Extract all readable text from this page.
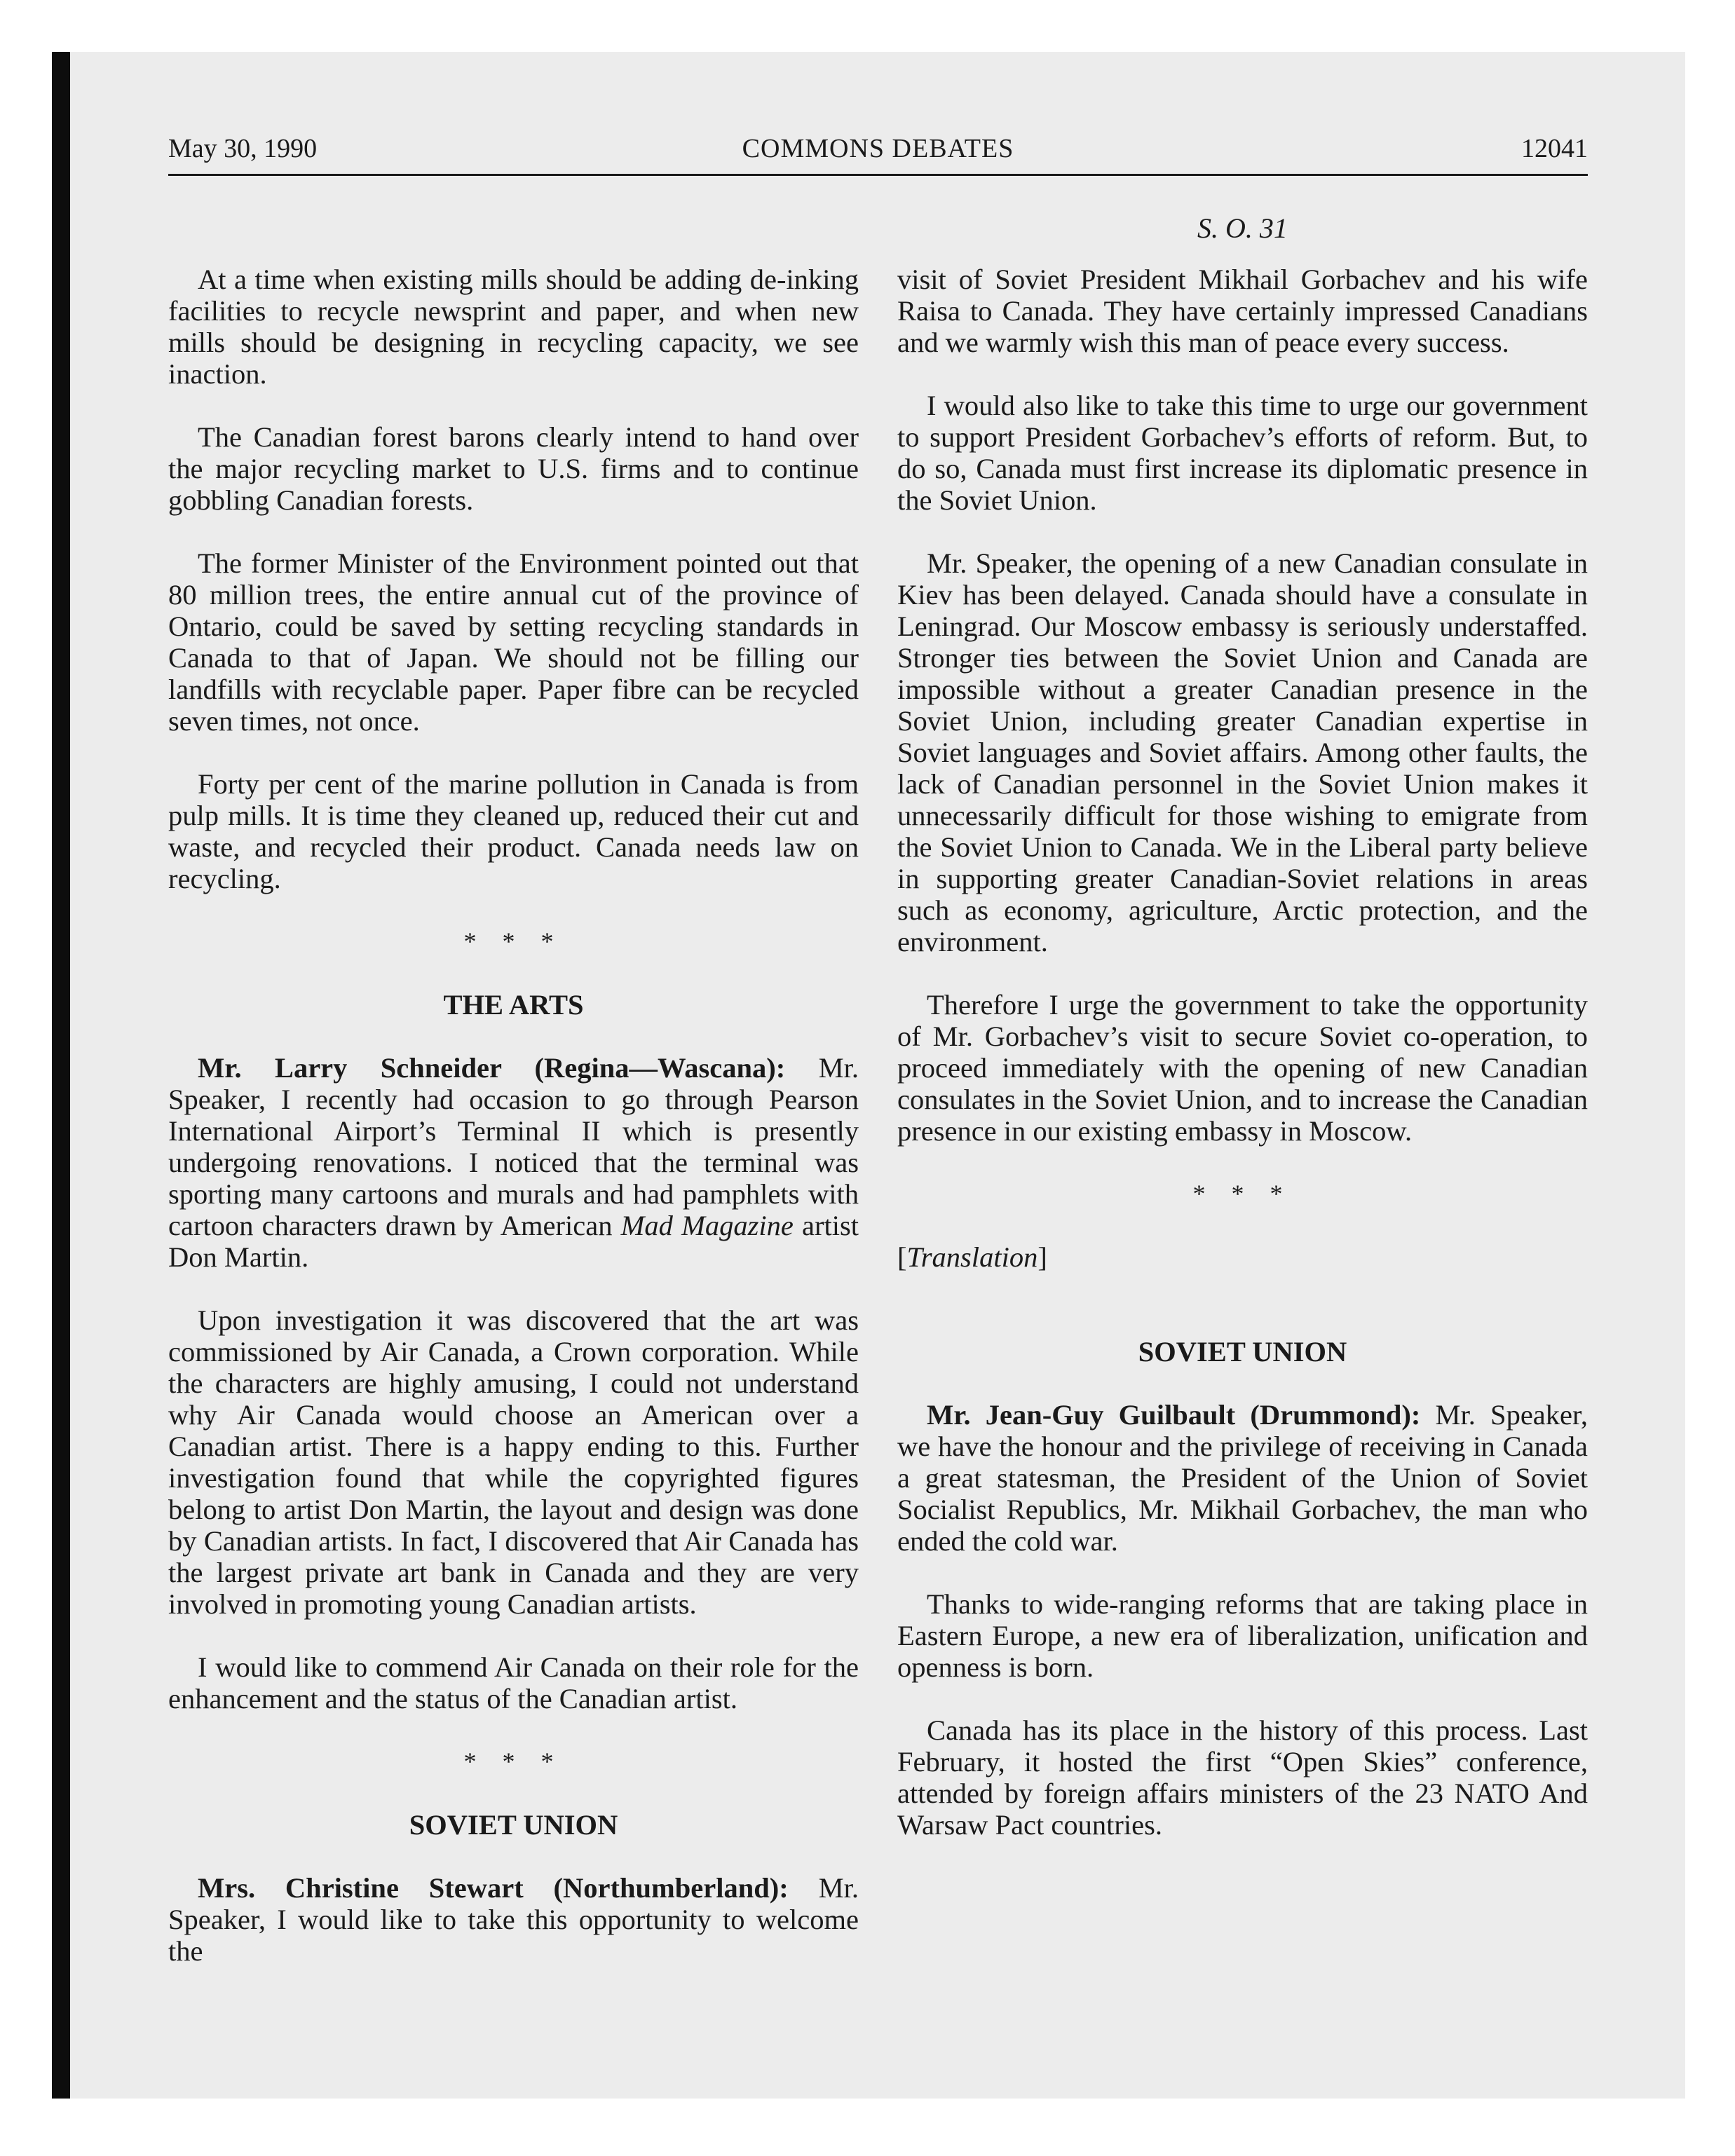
May 30, 1990	COMMONS DEBATES	12041
S. O. 31

At a time when existing mills should be adding de-inking facilities to recycle newsprint and paper, and when new mills should be designing in recycling capacity, we see inaction.

The Canadian forest barons clearly intend to hand over the major recycling market to U.S. firms and to continue gobbling Canadian forests.

The former Minister of the Environment pointed out that 80 million trees, the entire annual cut of the province of Ontario, could be saved by setting recycling standards in Canada to that of Japan. We should not be filling our landfills with recyclable paper. Paper fibre can be recycled seven times, not once.

Forty per cent of the marine pollution in Canada is from pulp mills. It is time they cleaned up, reduced their cut and waste, and recycled their product. Canada needs law on recycling.

* * *
THE ARTS

Mr. Larry Schneider (Regina—Wascana): Mr. Speaker, I recently had occasion to go through Pearson International Airport’s Terminal II which is presently undergoing renovations. I noticed that the terminal was sporting many cartoons and murals and had pamphlets with cartoon characters drawn by American Mad Magazine artist Don Martin.

Upon investigation it was discovered that the art was commissioned by Air Canada, a Crown corporation. While the characters are highly amusing, I could not understand why Air Canada would choose an American over a Canadian artist. There is a happy ending to this. Further investigation found that while the copyrighted figures belong to artist Don Martin, the layout and design was done by Canadian artists. In fact, I discovered that Air Canada has the largest private art bank in Canada and they are very involved in promoting young Canadian artists.

I would like to commend Air Canada on their role for the enhancement and the status of the Canadian artist.

* * *
SOVIET UNION

Mrs. Christine Stewart (Northumberland): Mr. Speaker, I would like to take this opportunity to welcome the

visit of Soviet President Mikhail Gorbachev and his wife Raisa to Canada. They have certainly impressed Canadians and we warmly wish this man of peace every success.

I would also like to take this time to urge our government to support President Gorbachev’s efforts of reform. But, to do so, Canada must first increase its diplomatic presence in the Soviet Union.

Mr. Speaker, the opening of a new Canadian consulate in Kiev has been delayed. Canada should have a consulate in Leningrad. Our Moscow embassy is seriously understaffed. Stronger ties between the Soviet Union and Canada are impossible without a greater Canadian presence in the Soviet Union, including greater Canadian expertise in Soviet languages and Soviet affairs. Among other faults, the lack of Canadian personnel in the Soviet Union makes it unnecessarily difficult for those wishing to emigrate from the Soviet Union to Canada. We in the Liberal party believe in supporting greater Canadian-Soviet relations in areas such as economy, agriculture, Arctic protection, and the environment.

Therefore I urge the government to take the opportunity of Mr. Gorbachev’s visit to secure Soviet co-operation, to proceed immediately with the opening of new Canadian consulates in the Soviet Union, and to increase the Canadian presence in our existing embassy in Moscow.

* * *
[Translation]
SOVIET UNION

Mr. Jean-Guy Guilbault (Drummond): Mr. Speaker, we have the honour and the privilege of receiving in Canada a great statesman, the President of the Union of Soviet Socialist Republics, Mr. Mikhail Gorbachev, the man who ended the cold war.

Thanks to wide-ranging reforms that are taking place in Eastern Europe, a new era of liberalization, unification and openness is born.

Canada has its place in the history of this process. Last February, it hosted the first “Open Skies” conference, attended by foreign affairs ministers of the 23 NATO And Warsaw Pact countries.
